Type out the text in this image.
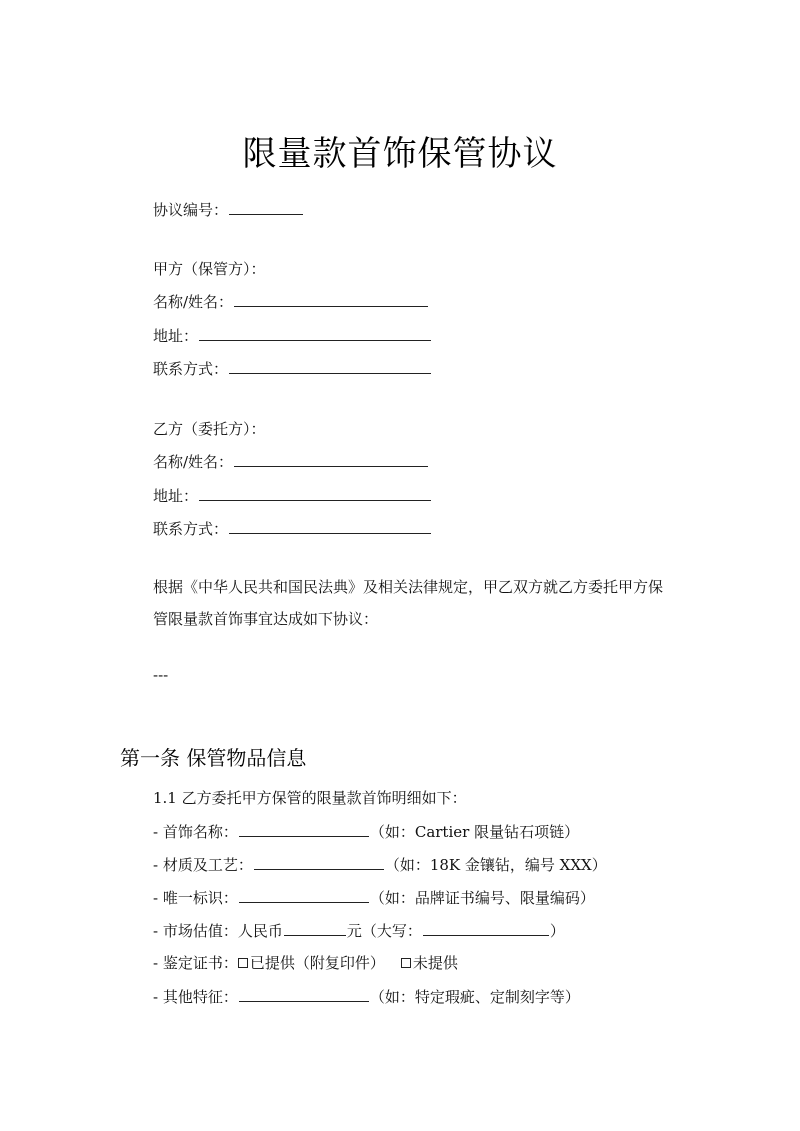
限量款首饰保管协议
协议编号：
甲方（保管方）：
名称/姓名：
地址：
联系方式：
乙方（委托方）：
名称/姓名：
地址：
联系方式：
根据《中华人民共和国民法典》及相关法律规定，甲乙双方就乙方委托甲方保管限量款首饰事宜达成如下协议：
---
第一条 保管物品信息
1.1 乙方委托甲方保管的限量款首饰明细如下：
- 首饰名称：	（如：Cartier 限量钻石项链）
- 材质及工艺：	（如：18K 金镶钻，编号 XXX）
- 唯一标识：	（如：品牌证书编号、限量编码）
- 市场估值：人民币	元（大写：	）
- 鉴定证书： 已提供（附复印件） 未提供
- 其他特征：	（如：特定瑕疵、定制刻字等）
